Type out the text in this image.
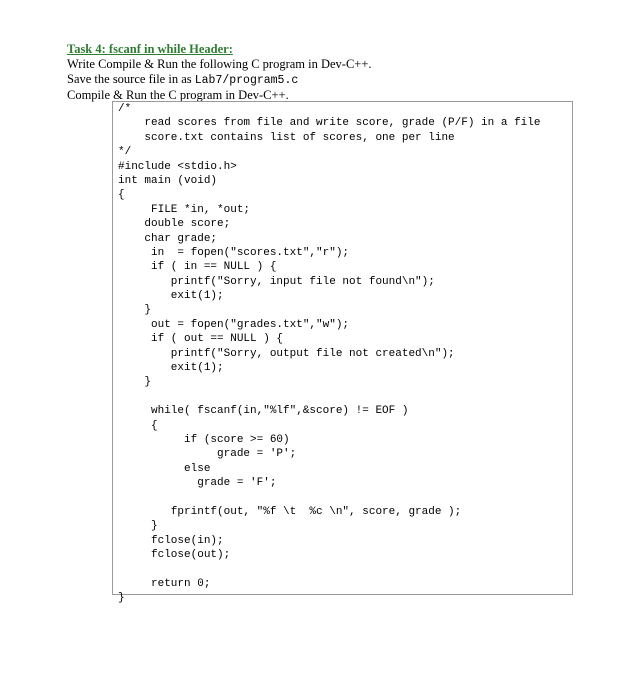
Task 4: fscanf in while Header:
Write Compile & Run the following C program in Dev-C++.
Save the source file in as Lab7/program5.c
Compile & Run the C program in Dev-C++.
/*
read scores from file and write score, grade (P/F) in a file
score.txt contains list of scores, one per line
*/
#include <stdio.h>
int main (void)
{
FILE *in, *out;
double score;
char grade;
in  = fopen("scores.txt","r");
if ( in == NULL ) {
printf("Sorry, input file not found\n");
exit(1);
}
out = fopen("grades.txt","w");
if ( out == NULL ) {
printf("Sorry, output file not created\n");
exit(1);
}
while( fscanf(in,"%lf",&score) != EOF )
{
if (score >= 60)
grade = 'P';
else
grade = 'F';
fprintf(out, "%f \t  %c \n", score, grade );
}
fclose(in);
fclose(out);
return 0;
}
